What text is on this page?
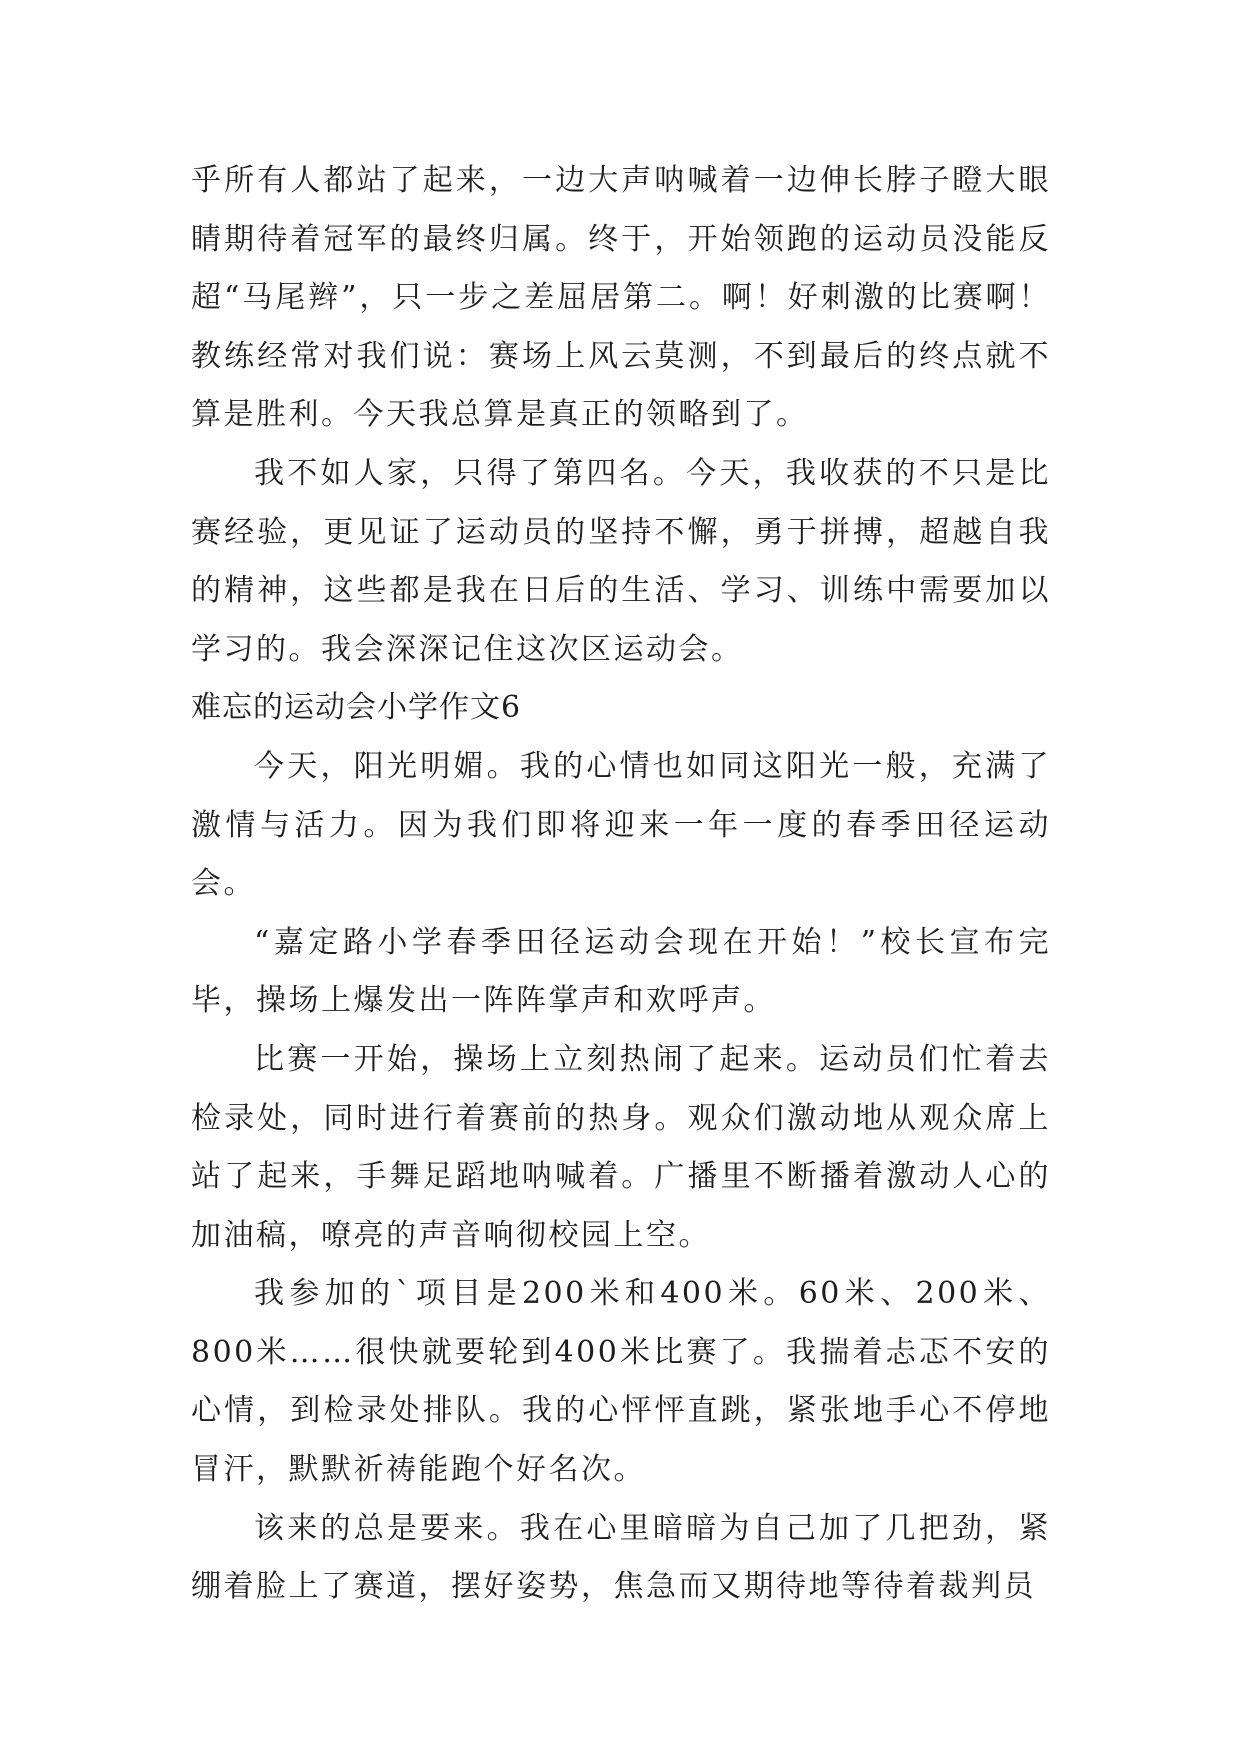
乎所有人都站了起来，一边大声呐喊着一边伸长脖子瞪大眼睛期待着冠军的最终归属。终于，开始领跑的运动员没能反超“马尾辫”，只一步之差屈居第二。啊！好刺激的比赛啊！教练经常对我们说：赛场上风云莫测，不到最后的终点就不算是胜利。今天我总算是真正的领略到了。

我不如人家，只得了第四名。今天，我收获的不只是比赛经验，更见证了运动员的坚持不懈，勇于拼搏，超越自我的精神，这些都是我在日后的生活、学习、训练中需要加以学习的。我会深深记住这次区运动会。

难忘的运动会小学作文6

今天，阳光明媚。我的心情也如同这阳光一般，充满了激情与活力。因为我们即将迎来一年一度的春季田径运动会。

“嘉定路小学春季田径运动会现在开始！”校长宣布完毕，操场上爆发出一阵阵掌声和欢呼声。

比赛一开始，操场上立刻热闹了起来。运动员们忙着去检录处，同时进行着赛前的热身。观众们激动地从观众席上站了起来，手舞足蹈地呐喊着。广播里不断播着激动人心的加油稿，嘹亮的声音响彻校园上空。

我参加的`项目是200米和400米。60米、200米、800米……很快就要轮到400米比赛了。我揣着忐忑不安的心情，到检录处排队。我的心怦怦直跳，紧张地手心不停地冒汗，默默祈祷能跑个好名次。

该来的总是要来。我在心里暗暗为自己加了几把劲，紧绷着脸上了赛道，摆好姿势，焦急而又期待地等待着裁判员
